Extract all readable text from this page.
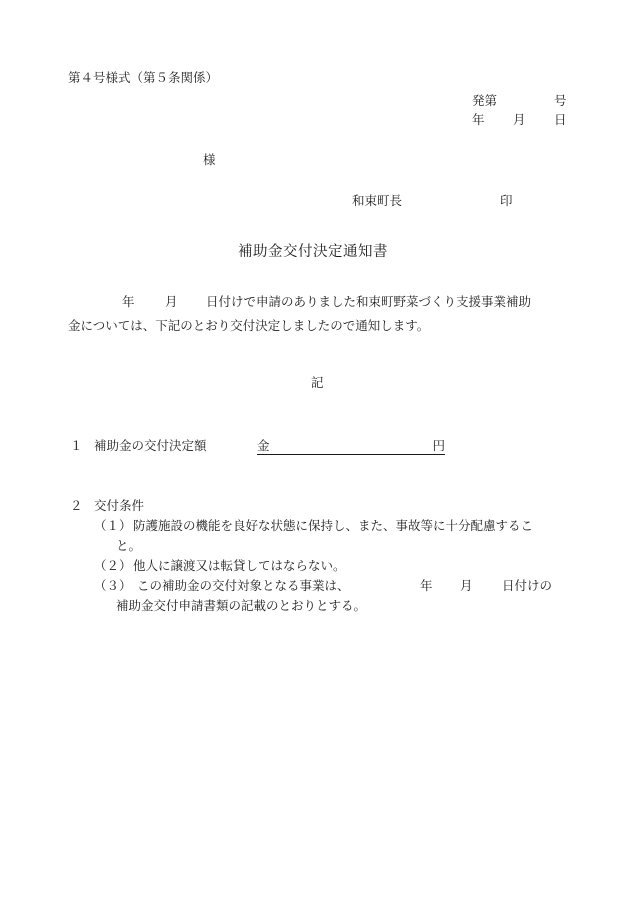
第４号様式（第５条関係）
発第	号
年 月 日
様
和束町長	印
補助金交付決定通知書
年 月 日付けで申請のありました和束町野菜づくり支援事業補助
金については、下記のとおり交付決定しましたので通知します。
記
１ 補助金の交付決定額	金	円
２ 交付条件
（１） 防護施設の機能を良好な状態に保持し、また、事故等に十分配慮するこ
と。
（２） 他人に譲渡又は転貸してはならない。
（３） この補助金の交付対象となる事業は、	年 月 日付けの
補助金交付申請書類の記載のとおりとする。
